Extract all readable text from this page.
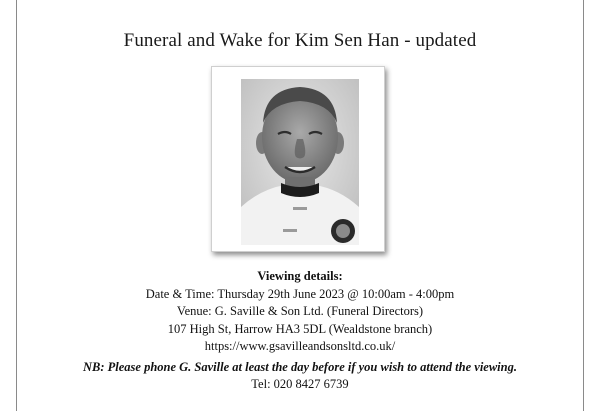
Funeral and Wake for Kim Sen Han - updated
Viewing details:
Date & Time: Thursday 29th June 2023 @ 10:00am - 4:00pm
Venue: G. Saville & Son Ltd. (Funeral Directors)
107 High St, Harrow HA3 5DL (Wealdstone branch)
https://www.gsavilleandsonsltd.co.uk/
NB: Please phone G. Saville at least the day before if you wish to attend the viewing.
Tel: 020 8427 6739
